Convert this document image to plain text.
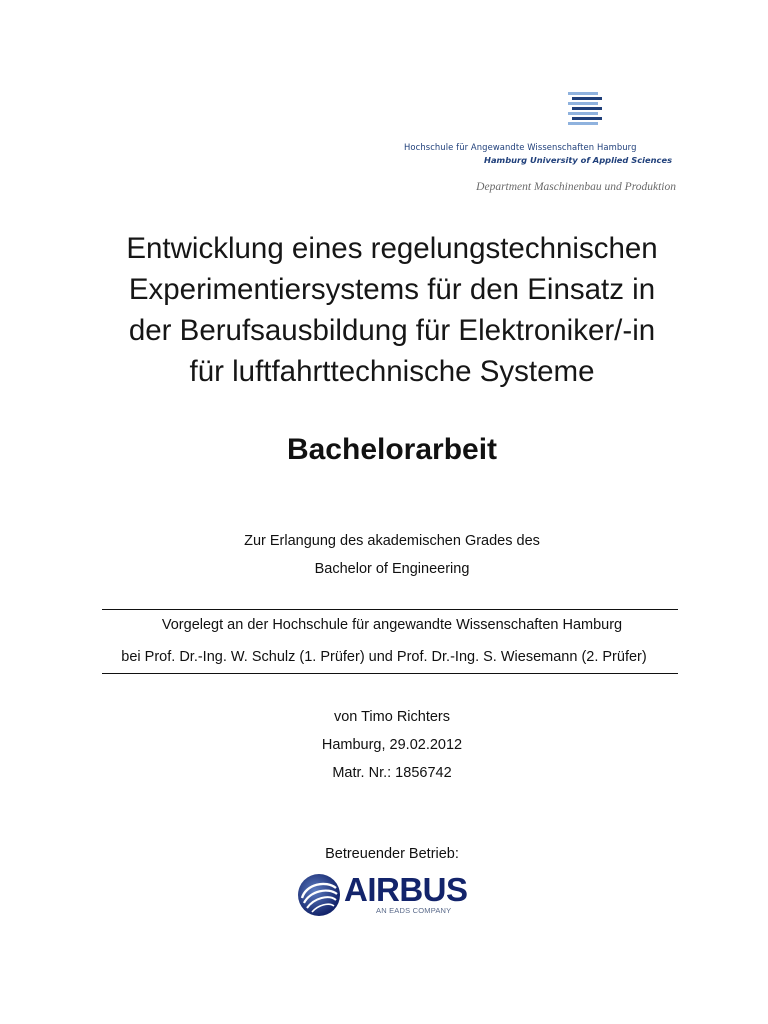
Hochschule für Angewandte Wissenschaften Hamburg
Hamburg University of Applied Sciences
Department Maschinenbau und Produktion
Entwicklung eines regelungstechnischen
Experimentiersystems für den Einsatz in
der Berufsausbildung für Elektroniker/-in
für luftfahrttechnische Systeme
Bachelorarbeit
Zur Erlangung des akademischen Grades des
Bachelor of Engineering
Vorgelegt an der Hochschule für angewandte Wissenschaften Hamburg
bei Prof. Dr.-Ing. W. Schulz (1. Prüfer) und Prof. Dr.-Ing. S. Wiesemann (2. Prüfer)
von Timo Richters
Hamburg, 29.02.2012
Matr. Nr.: 1856742
Betreuender Betrieb:
AIRBUS
AN EADS COMPANY
